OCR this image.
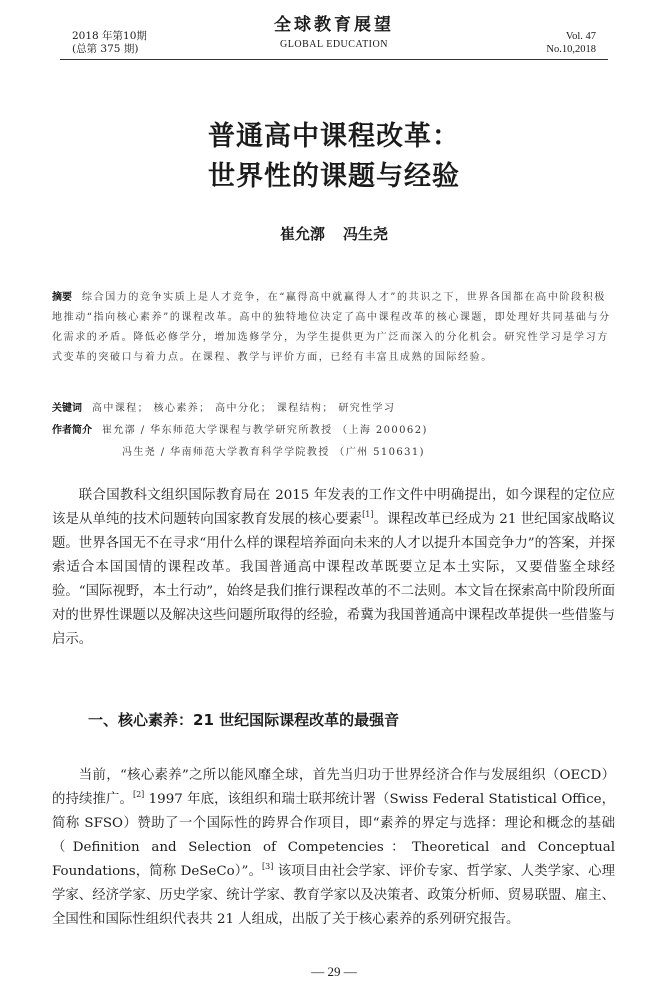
2018 年第10期
(总第 375 期)
全球教育展望
GLOBAL EDUCATION
Vol. 47
No.10,2018
普通高中课程改革：
世界性的课题与经验
崔允漷 冯生尧
摘要 综合国力的竞争实质上是人才竞争，在“赢得高中就赢得人才”的共识之下，世界各国都在高中阶段积极地推动“指向核心素养”的课程改革。高中的独特地位决定了高中课程改革的核心课题，即处理好共同基础与分化需求的矛盾。降低必修学分，增加选修学分，为学生提供更为广泛而深入的分化机会。研究性学习是学习方式变革的突破口与着力点。在课程、教学与评价方面，已经有丰富且成熟的国际经验。
关键词 高中课程； 核心素养； 高中分化； 课程结构； 研究性学习
作者简介 崔允漷 / 华东师范大学课程与教学研究所教授 （上海 200062)
冯生尧 / 华南师范大学教育科学学院教授 （广州 510631)
联合国教科文组织国际教育局在 2015 年发表的工作文件中明确提出，如今课程的定位应该是从单纯的技术问题转向国家教育发展的核心要素[1]。课程改革已经成为 21 世纪国家战略议题。世界各国无不在寻求“用什么样的课程培养面向未来的人才以提升本国竞争力”的答案，并探索适合本国国情的课程改革。我国普通高中课程改革既要立足本土实际，又要借鉴全球经验。“国际视野，本土行动”，始终是我们推行课程改革的不二法则。本文旨在探索高中阶段所面对的世界性课题以及解决这些问题所取得的经验，希冀为我国普通高中课程改革提供一些借鉴与启示。
一、核心素养：21 世纪国际课程改革的最强音
当前，“核心素养”之所以能风靡全球，首先当归功于世界经济合作与发展组织（OECD）的持续推广。[2] 1997 年底，该组织和瑞士联邦统计署（Swiss Federal Statistical Office，简称 SFSO）赞助了一个国际性的跨界合作项目，即“素养的界定与选择：理论和概念的基础（Definition and Selection of Competencies：Theoretical and Conceptual Foundations，简称 DeSeCo）”。[3] 该项目由社会学家、评价专家、哲学家、人类学家、心理学家、经济学家、历史学家、统计学家、教育学家以及决策者、政策分析师、贸易联盟、雇主、全国性和国际性组织代表共 21 人组成，出版了关于核心素养的系列研究报告。
— 29 —
